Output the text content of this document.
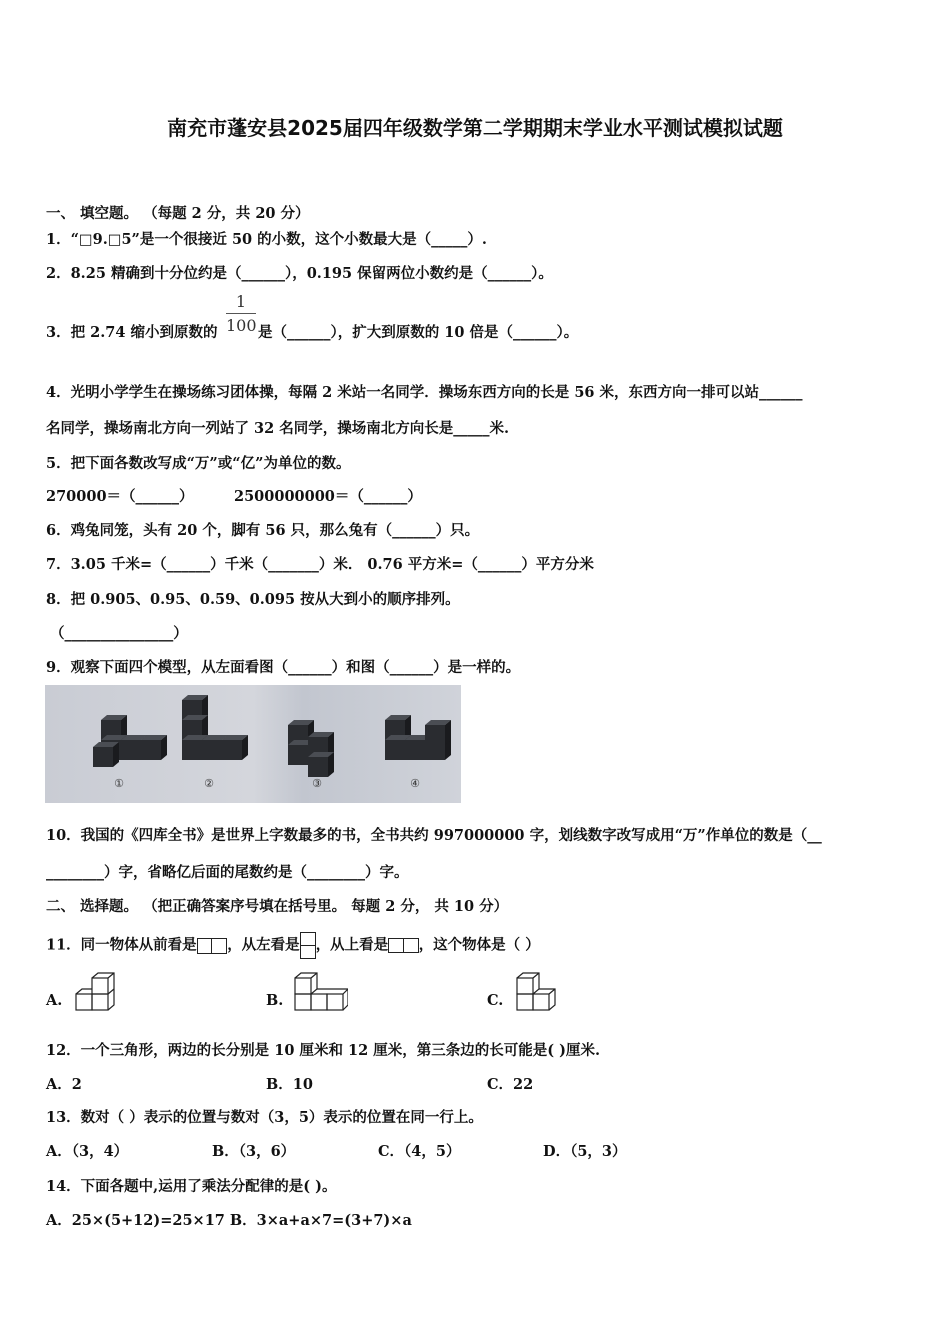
南充市蓬安县2025届四年级数学第二学期期末学业水平测试模拟试题
一、 填空题。 （每题 2 分，共 20 分）
1．“□9.□5”是一个很接近 50 的小数，这个小数最大是（_____）.
2．8.25 精确到十分位约是（______），0.195 保留两位小数约是（______）。
3．把 2.74 缩小到原数的
1
100 是（______），扩大到原数的 10 倍是（______）。
4．光明小学学生在操场练习团体操，每隔 2 米站一名同学．操场东西方向的长是 56 米，东西方向一排可以站______
名同学，操场南北方向一列站了 32 名同学，操场南北方向长是_____米.
5．把下面各数改写成“万”或“亿”为单位的数。
270000＝（______）	2500000000＝（______）
6．鸡兔同笼，头有 20 个，脚有 56 只，那么兔有（______）只。
7．3.05 千米=（______）千米（_______）米． 0.76 平方米=（______）平方分米
8．把 0.905、0.95、0.59、0.095 按从大到小的顺序排列。
（_______________）
9．观察下面四个模型，从左面看图（______）和图（______）是一样的。
①	②	③	④
10．我国的《四库全书》是世界上字数最多的书，全书共约 997000000 字，划线数字改写成用“万”作单位的数是（__
________）字，省略亿后面的尾数约是（________）字。
二、 选择题。 （把正确答案序号填在括号里。 每题 2 分， 共 10 分）
11．同一物体从前看是 ，从左看是 ，从上看是 ，这个物体是（ ）
A.	B.	C.
12．一个三角形，两边的长分别是 10 厘米和 12 厘米，第三条边的长可能是( )厘米.
A．2	B．10	C．22
13．数对（ ）表示的位置与数对（3，5）表示的位置在同一行上。
A．（3，4）	B．（3，6）	C．（4，5）	D．（5，3）
14．下面各题中,运用了乘法分配律的是( )。
A．25×(5+12)=25×17 B．3×a+a×7=(3+7)×a
